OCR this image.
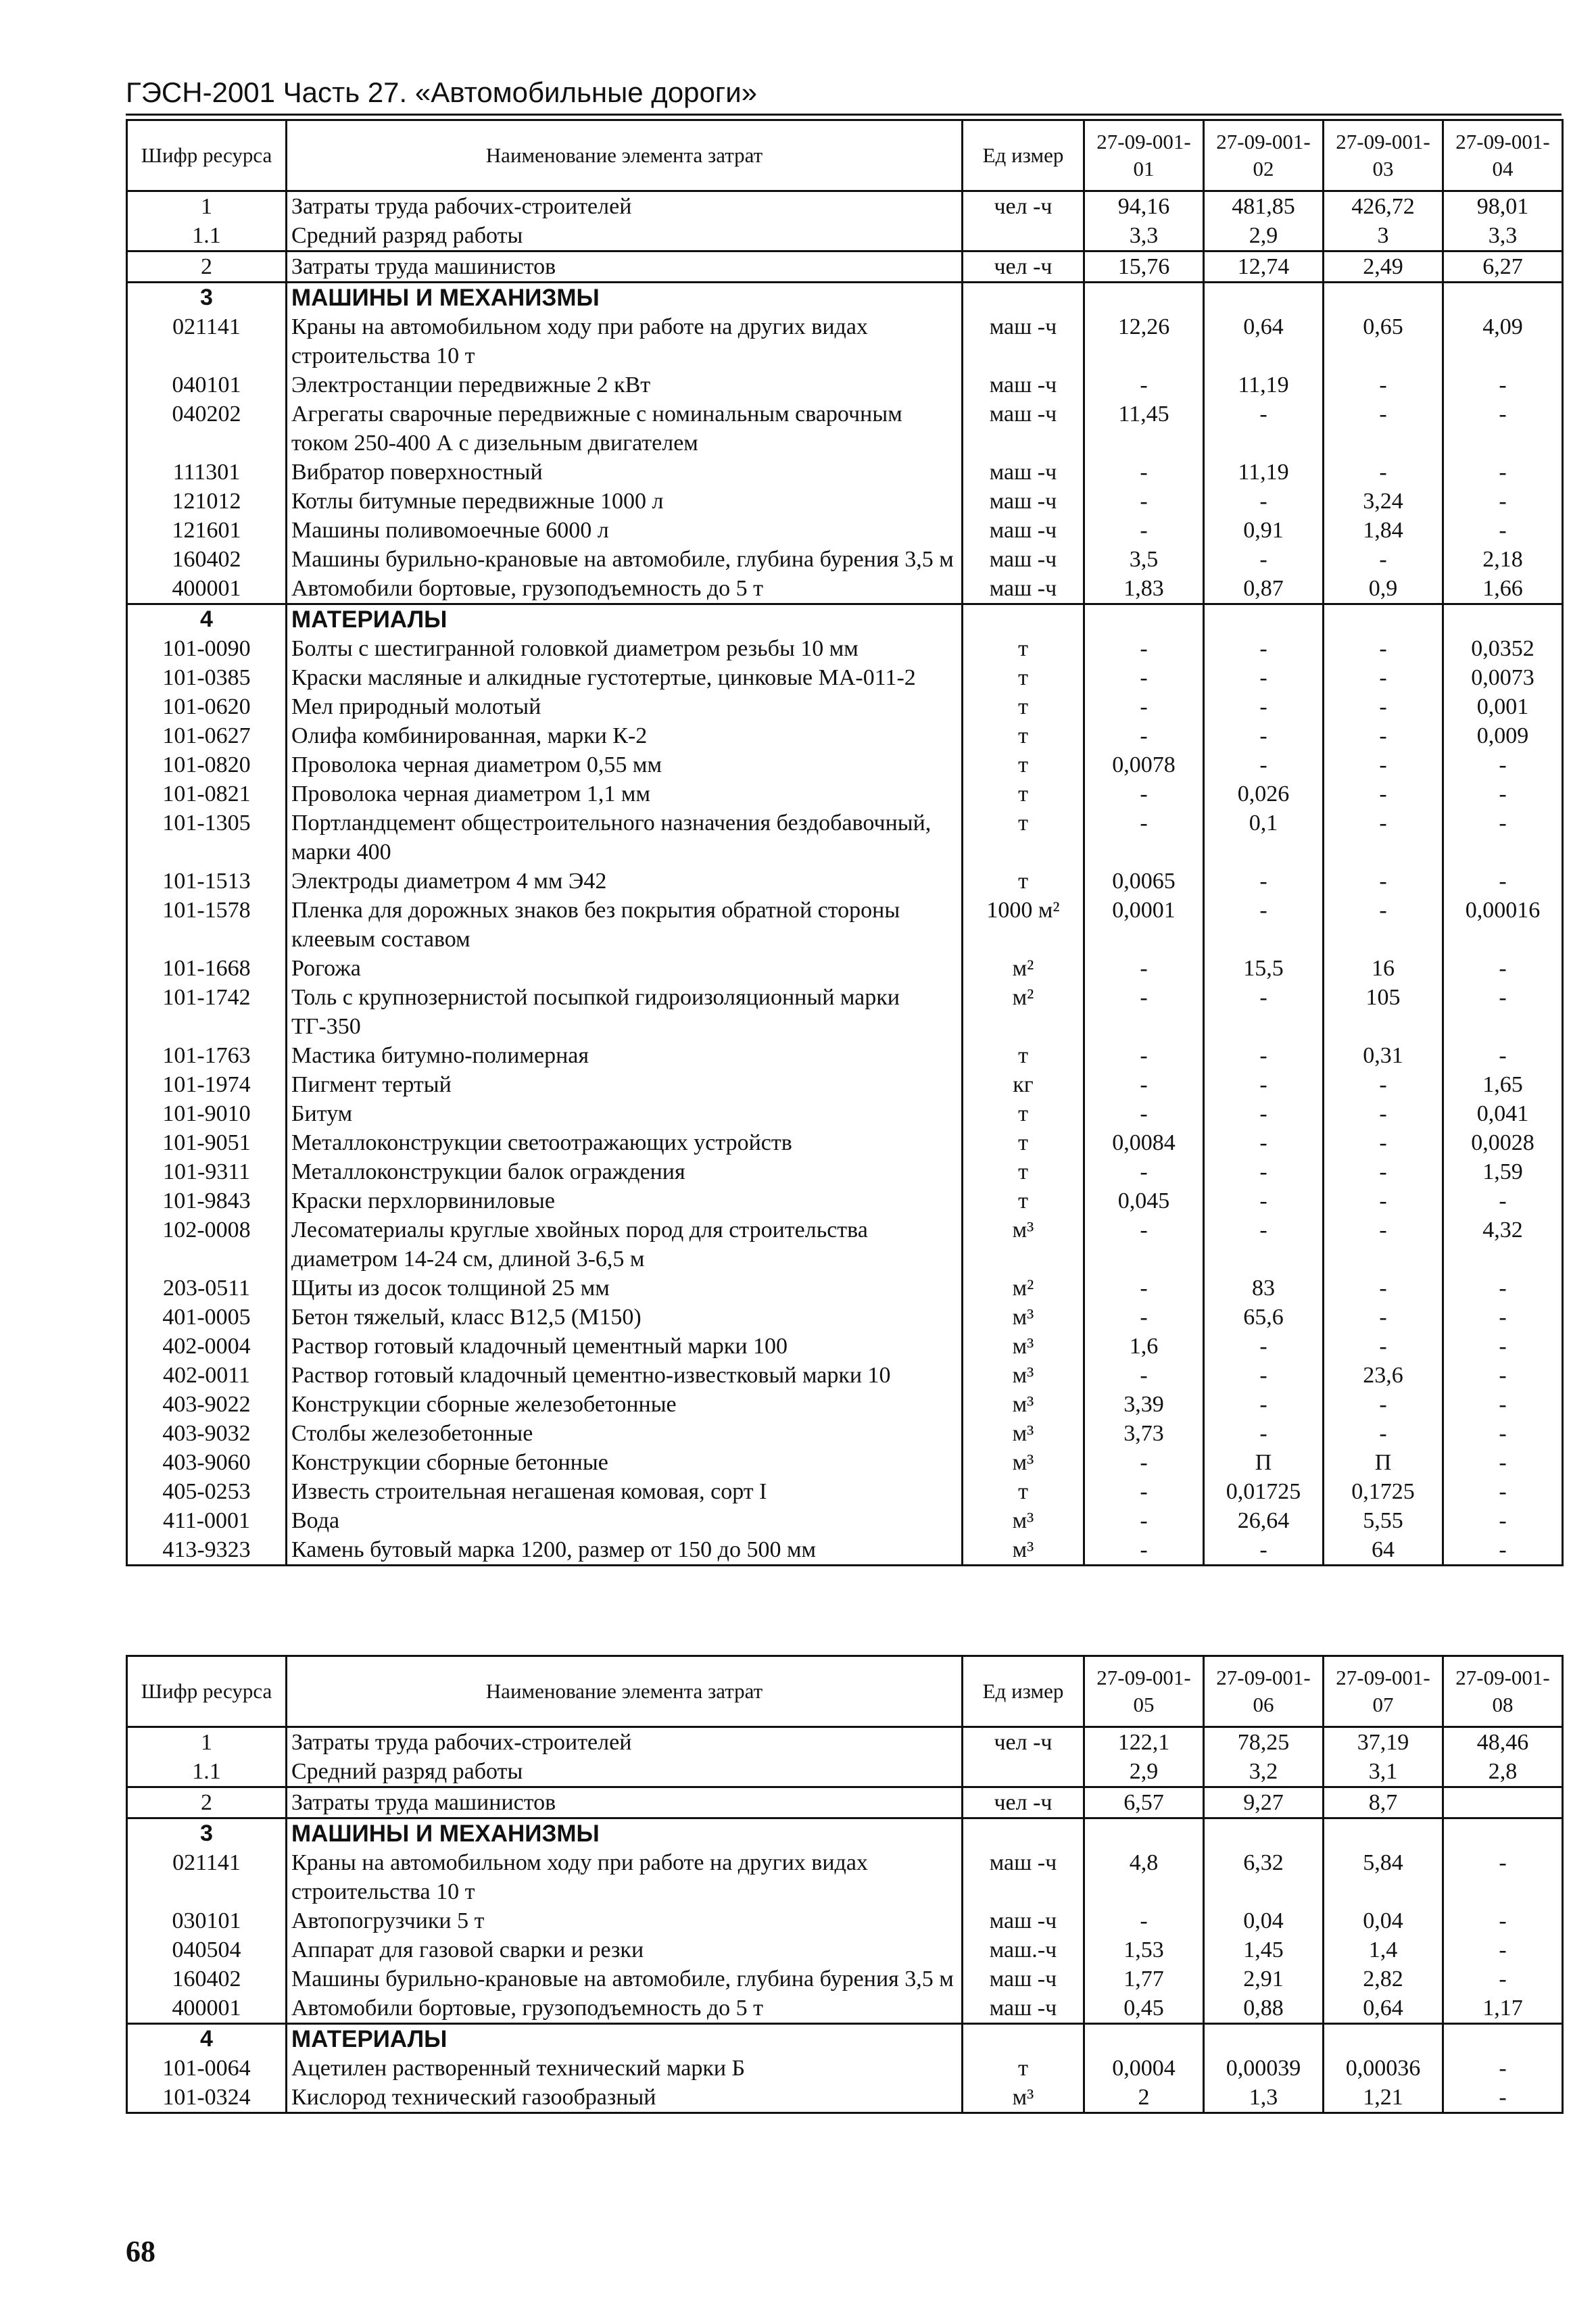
ГЭСН-2001 Часть 27. «Автомобильные дороги»
Шифр ресурса	Наименование элемента затрат	Ед измер	27-09-001-01	27-09-001-02	27-09-001-03	27-09-001-04
1	Затраты труда рабочих-строителей	чел -ч	94,16	481,85	426,72	98,01
1.1	Средний разряд работы		3,3	2,9	3	3,3
2	Затраты труда машинистов	чел -ч	15,76	12,74	2,49	6,27
3	МАШИНЫ И МЕХАНИЗМЫ					
021141	Краны на автомобильном ходу при работе на других видах строительства 10 т	маш -ч	12,26	0,64	0,65	4,09
040101	Электростанции передвижные 2 кВт	маш -ч	-	11,19	-	-
040202	Агрегаты сварочные передвижные с номинальным сварочным током 250-400 А с дизельным двигателем	маш -ч	11,45	-	-	-
111301	Вибратор поверхностный	маш -ч	-	11,19	-	-
121012	Котлы битумные передвижные 1000 л	маш -ч	-	-	3,24	-
121601	Машины поливомоечные 6000 л	маш -ч	-	0,91	1,84	-
160402	Машины бурильно-крановые на автомобиле, глубина бурения 3,5 м	маш -ч	3,5	-	-	2,18
400001	Автомобили бортовые, грузоподъемность до 5 т	маш -ч	1,83	0,87	0,9	1,66
4	МАТЕРИАЛЫ					
101-0090	Болты с шестигранной головкой диаметром резьбы 10 мм	т	-	-	-	0,0352
101-0385	Краски масляные и алкидные густотертые, цинковые МА-011-2	т	-	-	-	0,0073
101-0620	Мел природный молотый	т	-	-	-	0,001
101-0627	Олифа комбинированная, марки К-2	т	-	-	-	0,009
101-0820	Проволока черная диаметром 0,55 мм	т	0,0078	-	-	-
101-0821	Проволока черная диаметром 1,1 мм	т	-	0,026	-	-
101-1305	Портландцемент общестроительного назначения бездобавочный, марки 400	т	-	0,1	-	-
101-1513	Электроды диаметром 4 мм Э42	т	0,0065	-	-	-
101-1578	Пленка для дорожных знаков без покрытия обратной стороны клеевым составом	1000 м²	0,0001	-	-	0,00016
101-1668	Рогожа	м²	-	15,5	16	-
101-1742	Толь с крупнозернистой посыпкой гидроизоляционный марки ТГ-350	м²	-	-	105	-
101-1763	Мастика битумно-полимерная	т	-	-	0,31	-
101-1974	Пигмент тертый	кг	-	-	-	1,65
101-9010	Битум	т	-	-	-	0,041
101-9051	Металлоконструкции светоотражающих устройств	т	0,0084	-	-	0,0028
101-9311	Металлоконструкции балок ограждения	т	-	-	-	1,59
101-9843	Краски перхлорвиниловые	т	0,045	-	-	-
102-0008	Лесоматериалы круглые хвойных пород для строительства диаметром 14-24 см, длиной 3-6,5 м	м³	-	-	-	4,32
203-0511	Щиты из досок толщиной 25 мм	м²	-	83	-	-
401-0005	Бетон тяжелый, класс В12,5 (М150)	м³	-	65,6	-	-
402-0004	Раствор готовый кладочный цементный марки 100	м³	1,6	-	-	-
402-0011	Раствор готовый кладочный цементно-известковый марки 10	м³	-	-	23,6	-
403-9022	Конструкции сборные железобетонные	м³	3,39	-	-	-
403-9032	Столбы железобетонные	м³	3,73	-	-	-
403-9060	Конструкции сборные бетонные	м³	-	П	П	-
405-0253	Известь строительная негашеная комовая, сорт I	т	-	0,01725	0,1725	-
411-0001	Вода	м³	-	26,64	5,55	-
413-9323	Камень бутовый марка 1200, размер от 150 до 500 мм	м³	-	-	64	-
Шифр ресурса	Наименование элемента затрат	Ед измер	27-09-001-05	27-09-001-06	27-09-001-07	27-09-001-08
1	Затраты труда рабочих-строителей	чел -ч	122,1	78,25	37,19	48,46
1.1	Средний разряд работы		2,9	3,2	3,1	2,8
2	Затраты труда машинистов	чел -ч	6,57	9,27	8,7	
3	МАШИНЫ И МЕХАНИЗМЫ					
021141	Краны на автомобильном ходу при работе на других видах строительства 10 т	маш -ч	4,8	6,32	5,84	-
030101	Автопогрузчики 5 т	маш -ч	-	0,04	0,04	-
040504	Аппарат для газовой сварки и резки	маш.-ч	1,53	1,45	1,4	-
160402	Машины бурильно-крановые на автомобиле, глубина бурения 3,5 м	маш -ч	1,77	2,91	2,82	-
400001	Автомобили бортовые, грузоподъемность до 5 т	маш -ч	0,45	0,88	0,64	1,17
4	МАТЕРИАЛЫ					
101-0064	Ацетилен растворенный технический марки Б	т	0,0004	0,00039	0,00036	-
101-0324	Кислород технический газообразный	м³	2	1,3	1,21	-
68
